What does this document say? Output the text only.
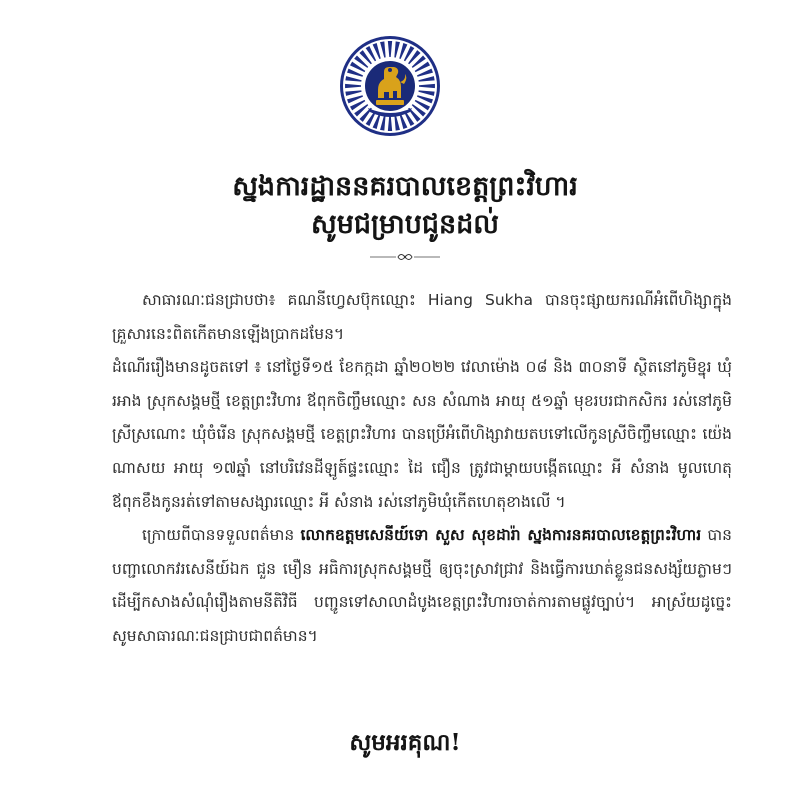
ស្នងការដ្ឋាននគរបាលខេត្តព្រះវិហារ
សូមជម្រាបជូនដល់

សាធារណៈជនជ្រាបថា៖ គណនីហ្វេសប៊ុកឈ្មោះ Hiang Sukha បានចុះផ្សាយករណីអំពើហិង្សាក្នុងគ្រួសារនេះពិតកើតមានឡើងប្រាកដមែន។

ដំណើររឿងមានដូចតទៅ ៖ នៅថ្ងៃទី១៥ ខែកក្កដា ឆ្នាំ២០២២ វេលាម៉ោង ០៨ និង ៣០នាទី ស្ថិតនៅភូមិខ្នុរ ឃុំរអាង ស្រុកសង្គមថ្មី ខេត្តព្រះវិហារ ឪពុកចិញ្ចឹមឈ្មោះ សន សំណាង អាយុ ៥១ឆ្នាំ មុខរបរជាកសិករ រស់នៅភូមិស្រីស្រណោះ ឃុំចំរើន ស្រុកសង្គមថ្មី ខេត្តព្រះវិហារ បានប្រើអំពើហិង្សាវាយតបទៅលើកូនស្រីចិញ្ចឹមឈ្មោះ យ៉េង ណាសយ អាយុ ១៧ឆ្នាំ នៅបរិវេនដីឡូត៍ផ្ទះឈ្មោះ ដៃ ជឿន ត្រូវជាម្តាយបង្កើតឈ្មោះ អី សំនាង មូលហេតុឪពុកខឹងកូនរត់ទៅតាមសង្សារឈ្មោះ អី សំនាង រស់នៅភូមិឃុំកើតហេតុខាងលើ ។

ក្រោយពីបានទទួលពត៌មាន លោកឧត្តមសេនីយ៍ទោ សួស សុខដារ៉ា ស្នងការនគរបាលខេត្តព្រះវិហារ បានបញ្ជាលោកវរសេនីយ៍ឯក ជួន មឿន អធិការស្រុកសង្គមថ្មី ឲ្យចុះស្រាវជ្រាវ និងធ្វើការឃាត់ខ្លួនជនសង្ស័យភ្លាមៗ ដើម្បីកសាងសំណុំរឿងតាមនីតិវិធី បញ្ជូនទៅសាលាដំបូងខេត្តព្រះវិហារចាត់ការតាមផ្លូវច្បាប់។ អាស្រ័យដូច្នេះសូមសាធារណៈជនជ្រាបជាពត៌មាន។

សូមអរគុណ!
